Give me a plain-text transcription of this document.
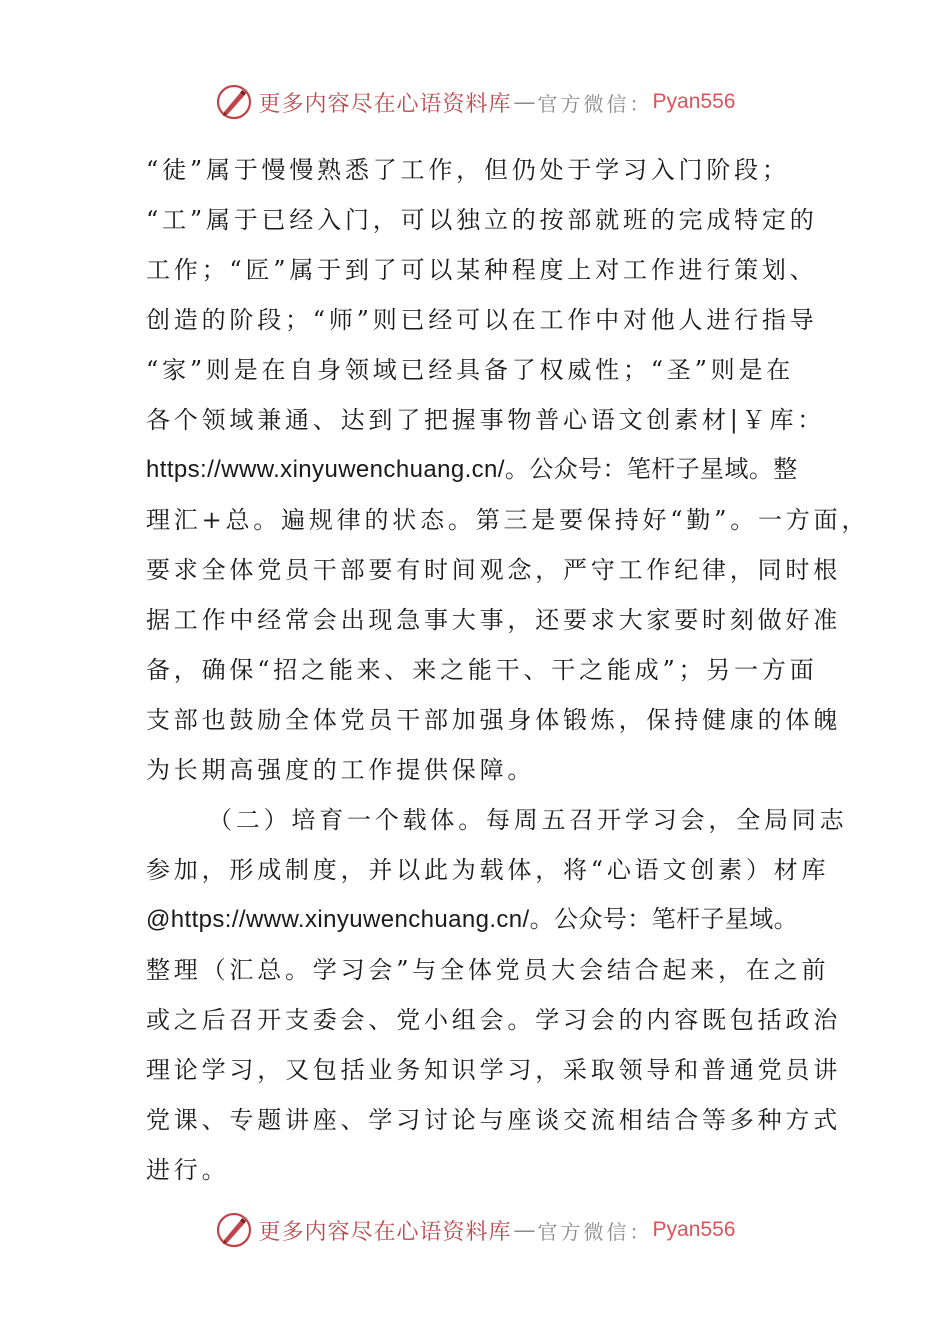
更多内容尽在心语资料库 — 官方微信： Pyan556
“徒”属于慢慢熟悉了工作，但仍处于学习入门阶段；
“工”属于已经入门，可以独立的按部就班的完成特定的
工作；“匠”属于到了可以某种程度上对工作进行策划、
创造的阶段；“师”则已经可以在工作中对他人进行指导
“家”则是在自身领域已经具备了权威性；“圣”则是在
各个领域兼通、达到了把握事物普心语文创素材|￥库：
https://www.xinyuwenchuang.cn/。公众号：笔杆子星域。整
理汇+总。遍规律的状态。第三是要保持好“勤”。一方面，
要求全体党员干部要有时间观念，严守工作纪律，同时根
据工作中经常会出现急事大事，还要求大家要时刻做好准
备，确保“招之能来、来之能干、干之能成”；另一方面
支部也鼓励全体党员干部加强身体锻炼，保持健康的体魄
为长期高强度的工作提供保障。
（二）培育一个载体。每周五召开学习会，全局同志
参加，形成制度，并以此为载体，将“心语文创素）材库
@https://www.xinyuwenchuang.cn/。公众号：笔杆子星域。
整理（汇总。学习会”与全体党员大会结合起来，在之前
或之后召开支委会、党小组会。学习会的内容既包括政治
理论学习，又包括业务知识学习，采取领导和普通党员讲
党课、专题讲座、学习讨论与座谈交流相结合等多种方式
进行。
更多内容尽在心语资料库 — 官方微信： Pyan556
